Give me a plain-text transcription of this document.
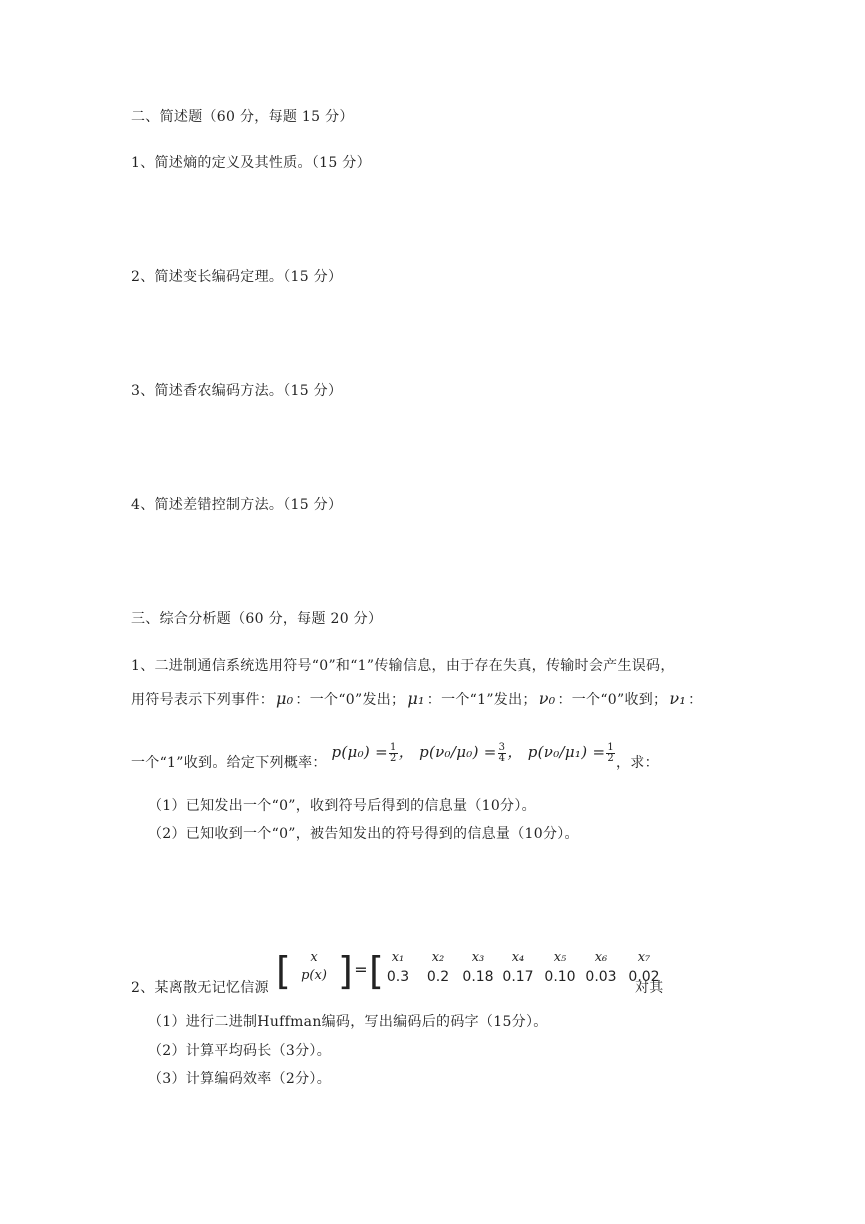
二、简述题（60 分，每题 15 分）
1、简述熵的定义及其性质。（15 分）
2、简述变长编码定理。（15 分）
3、简述香农编码方法。（15 分）
4、简述差错控制方法。（15 分）
三、综合分析题（60 分，每题 20 分）
1、二进制通信系统选用符号“0”和“1”传输信息，由于存在失真，传输时会产生误码，
用符号表示下列事件： μ₀ ：一个“0”发出； μ₁ ：一个“1”发出； ν₀ ：一个“0”收到； ν₁ ：
一个“1”收到。给定下列概率： $p(\mu_0) = \frac{1}{2}$ ， $p(\nu_0/\mu_0) = \frac{3}{4}$ ， $p(\nu_0/\mu_1) = \frac{1}{2}$ ，求：
（1）已知发出一个“0”，收到符号后得到的信息量（10分）。
（2）已知收到一个“0”，被告知发出的符号得到的信息量（10分）。
2、某离散无记忆信源 [	x
p(x) ] = [ x₁	x₂	x₃	x₄	x₅	x₆	x₇
0.3	0.2 0.18 0.17 0.10 0.03 0.02
对其
（1）进行二进制Huffman编码，写出编码后的码字（15分）。
（2）计算平均码长（3分）。
（3）计算编码效率（2分）。
